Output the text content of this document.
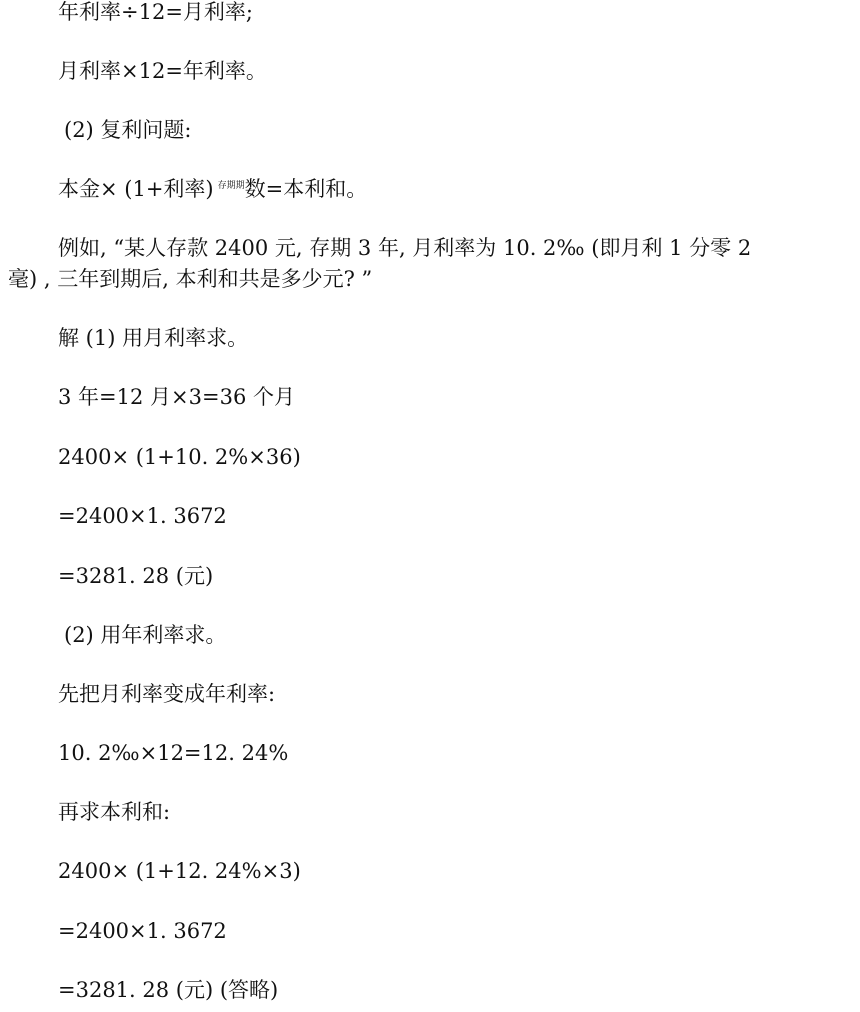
年利率÷12=月利率;
月利率×12=年利率。
(2) 复利问题:
本金× (1+利率) $^{存期期}$数=本利和。
例如, “某人存款 2400 元, 存期 3 年, 月利率为 10. 2‰ (即月利 1 分零 2
毫) , 三年到期后, 本利和共是多少元? ”
解 (1) 用月利率求。
3 年=12 月×3=36 个月
2400× (1+10. 2%×36)
=2400×1. 3672
=3281. 28 (元)
(2) 用年利率求。
先把月利率变成年利率:
10. 2‰×12=12. 24%
再求本利和:
2400× (1+12. 24%×3)
=2400×1. 3672
=3281. 28 (元) (答略)
